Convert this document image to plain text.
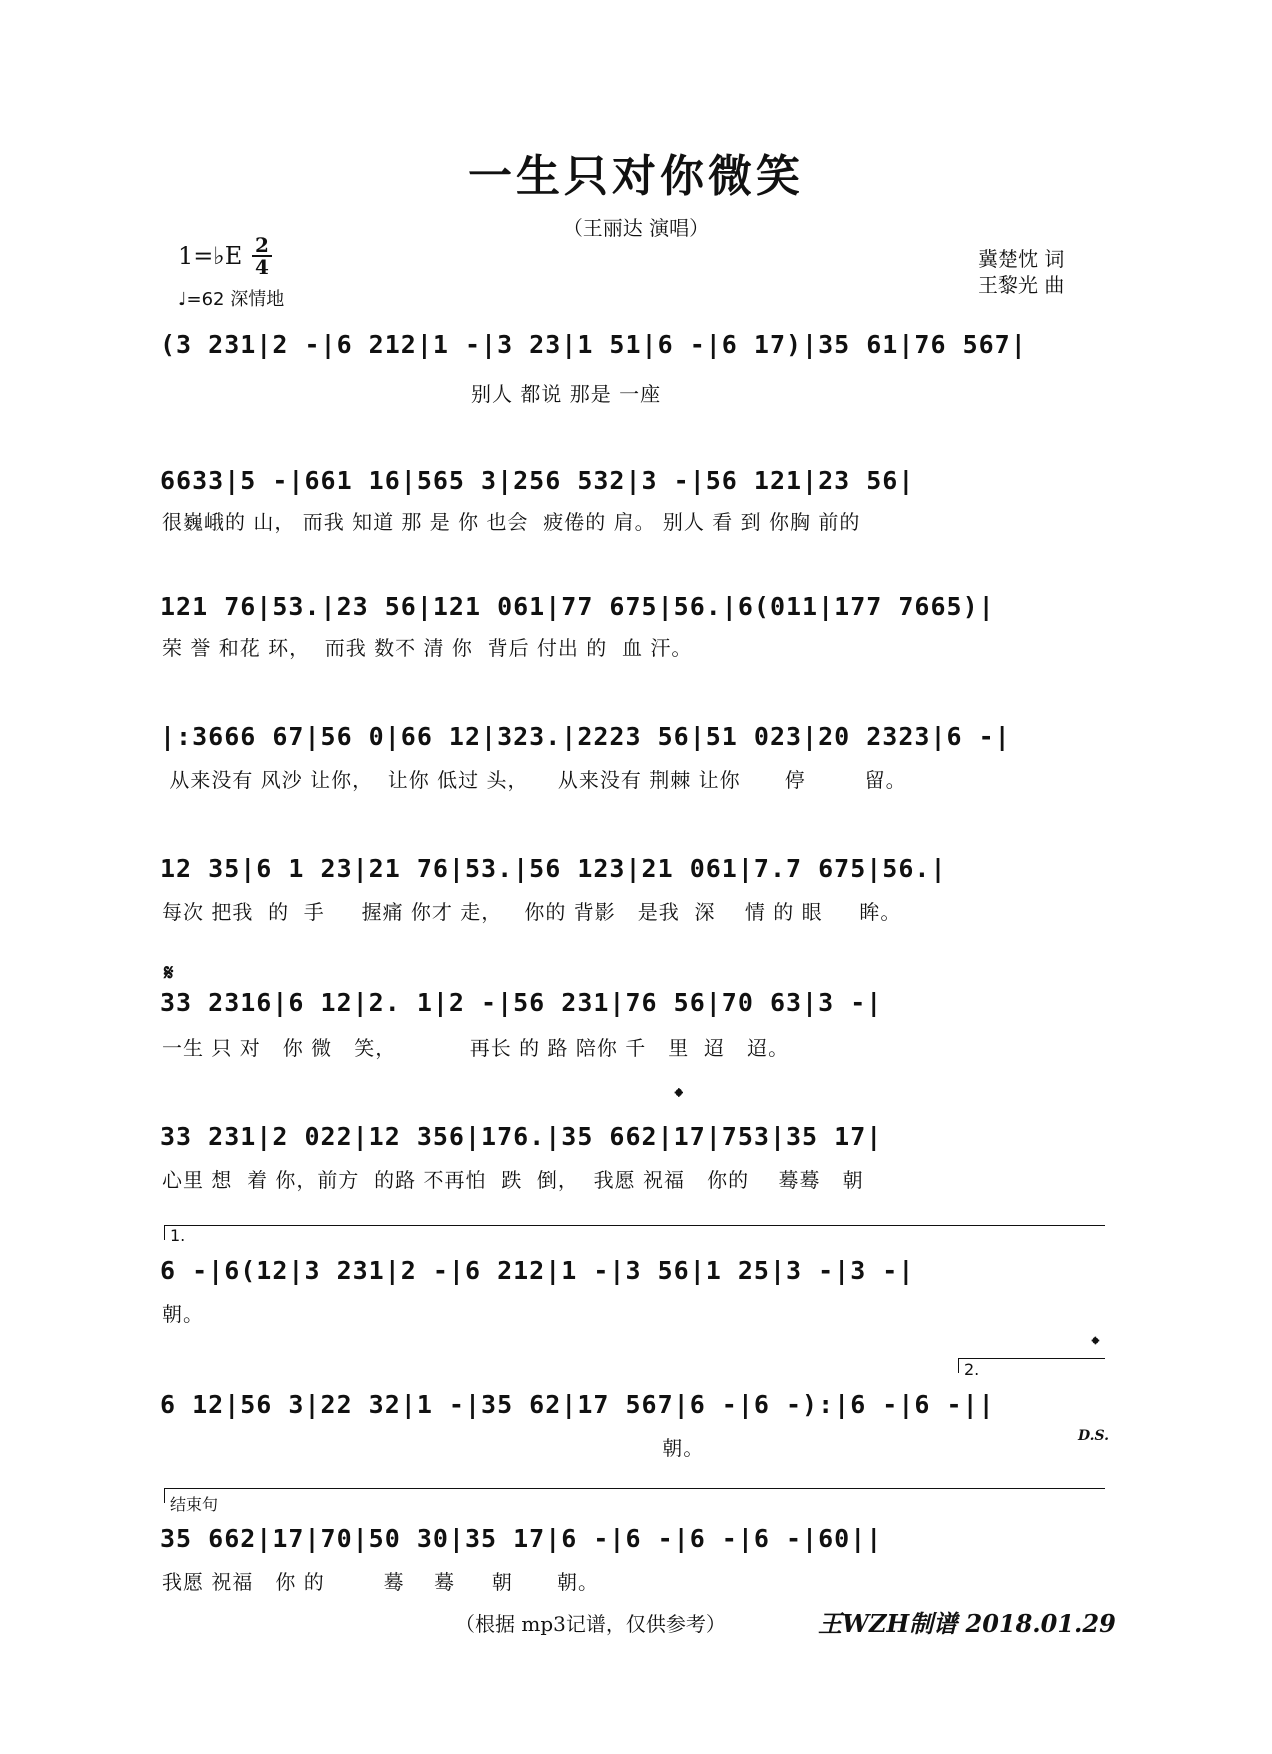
一生只对你微笑
（王丽达 演唱）
1=♭E 2
4
♩=62 深情地
冀楚忱 词
王黎光 曲
(3 231|2 -|6 212|1 -|3 23|1 51|6 -|6 17)|35 61|76 567|
别人 都说 那是 一座
6633|5 -|661 16|565 3|256 532|3 -|56 121|23 56|
很巍峨的 山， 而我 知道 那 是 你 也会  疲倦的 肩。 别人 看 到 你胸 前的
121 76|53.|23 56|121 061|77 675|56.|6(011|177 7665)|
荣 誉 和花 环，  而我 数不 清 你  背后 付出 的  血 汗。
|:3666 67|56 0|66 12|323.|2223 56|51 023|20 2323|6 -|
从来没有 风沙 让你，  让你 低过 头，    从来没有 荆棘 让你      停        留。
12 35|6 1 23|21 76|53.|56 123|21 061|7.7 675|56.|
每次 把我  的  手     握痛 你才 走，   你的 背影   是我  深    情 的 眼     眸。
𝄋
33 2316|6 12|2. 1|2 -|56 231|76 56|70 63|3 -|
一生 只 对   你 微   笑，          再长 的 路 陪你 千   里  迢   迢。
𝄌
33 231|2 022|12 356|176.|35 662|17|753|35 17|
心里 想  着 你，前方  的路 不再怕  跌  倒，  我愿 祝福   你的    蓦蓦   朝
1.
6 -|6(12|3 231|2 -|6 212|1 -|3 56|1 25|3 -|3 -|
朝。
2.
𝄌
6 12|56 3|22 32|1 -|35 62|17 567|6 -|6 -):|6 -|6 -||
朝。	D.S.
结束句
35 662|17|70|50 30|35 17|6 -|6 -|6 -|6 -|60||
我愿 祝福   你 的        蓦    蓦     朝      朝。
（根据 mp3记谱，仅供参考）	王WZH制谱 2018.01.29
